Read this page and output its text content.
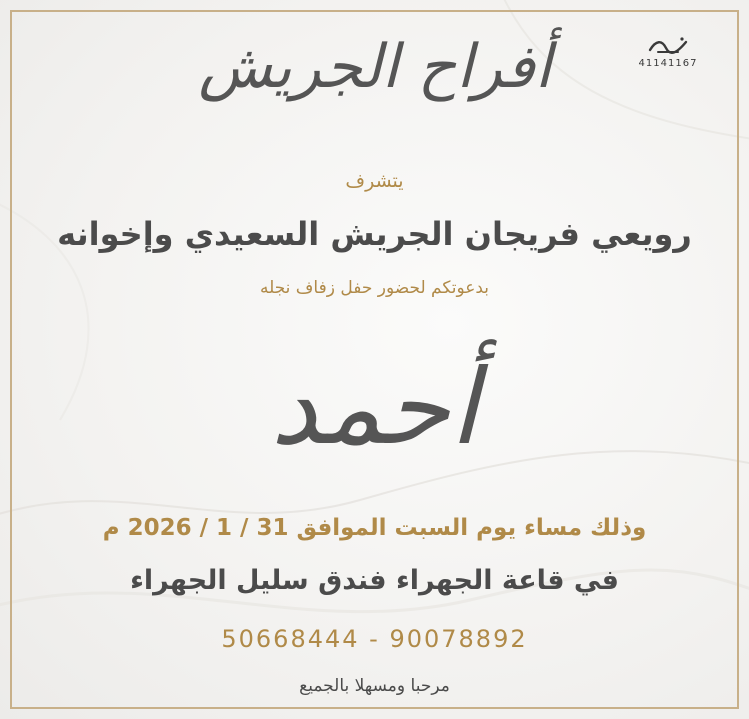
41141167
أفراح الجريش
يتشرف
رويعي فريجان الجريش السعيدي وإخوانه
بدعوتكم لحضور حفل زفاف نجله
أحمد
وذلك مساء يوم السبت الموافق 31 / 1 / 2026 م
في قاعة الجهراء فندق سليل الجهراء
50668444 - 90078892
مرحبا ومسهلا بالجميع
